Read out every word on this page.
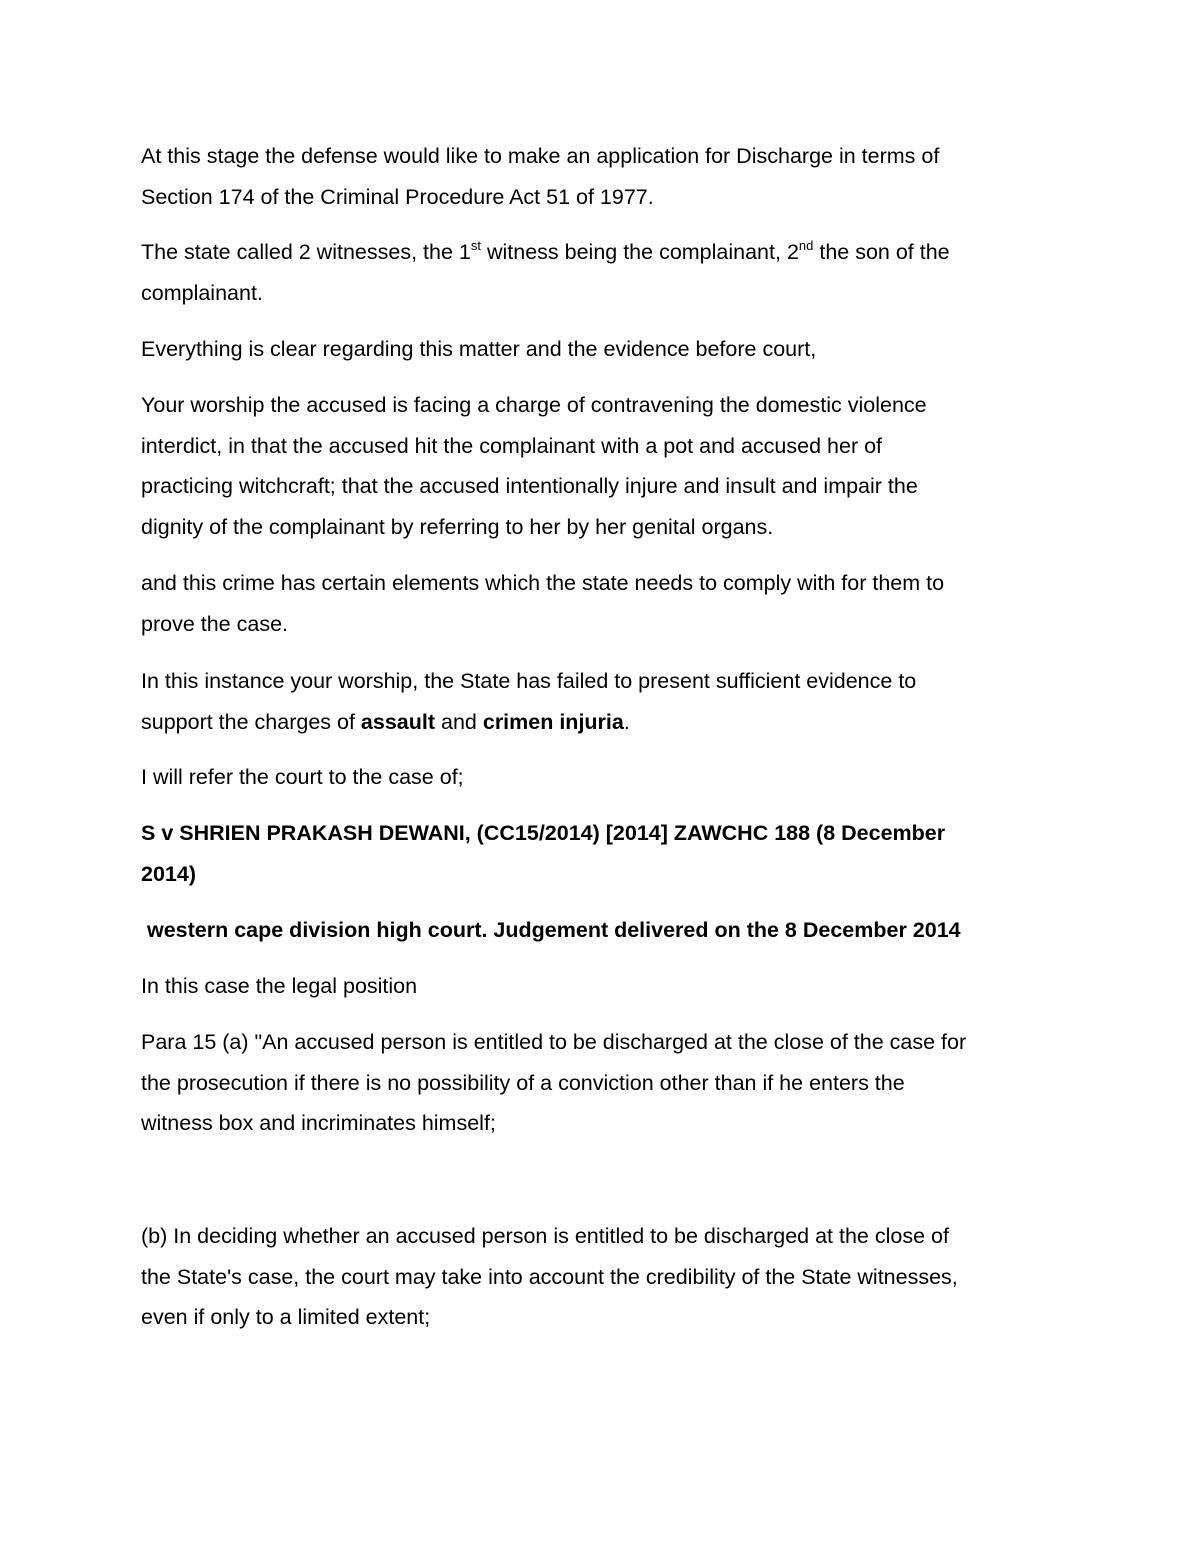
At this stage the defense would like to make an application for Discharge in terms of
Section 174 of the Criminal Procedure Act 51 of 1977.

The state called 2 witnesses, the 1st witness being the complainant, 2nd the son of the
complainant.

Everything is clear regarding this matter and the evidence before court,

Your worship the accused is facing a charge of contravening the domestic violence
interdict, in that the accused hit the complainant with a pot and accused her of
practicing witchcraft; that the accused intentionally injure and insult and impair the
dignity of the complainant by referring to her by her genital organs.

and this crime has certain elements which the state needs to comply with for them to
prove the case.

In this instance your worship, the State has failed to present sufficient evidence to
support the charges of assault and crimen injuria.

I will refer the court to the case of;

S v SHRIEN PRAKASH DEWANI, (CC15/2014) [2014] ZAWCHC 188 (8 December
2014)

western cape division high court. Judgement delivered on the 8 December 2014

In this case the legal position

Para 15 (a) "An accused person is entitled to be discharged at the close of the case for
the prosecution if there is no possibility of a conviction other than if he enters the
witness box and incriminates himself;

(b) In deciding whether an accused person is entitled to be discharged at the close of
the State's case, the court may take into account the credibility of the State witnesses,
even if only to a limited extent;
